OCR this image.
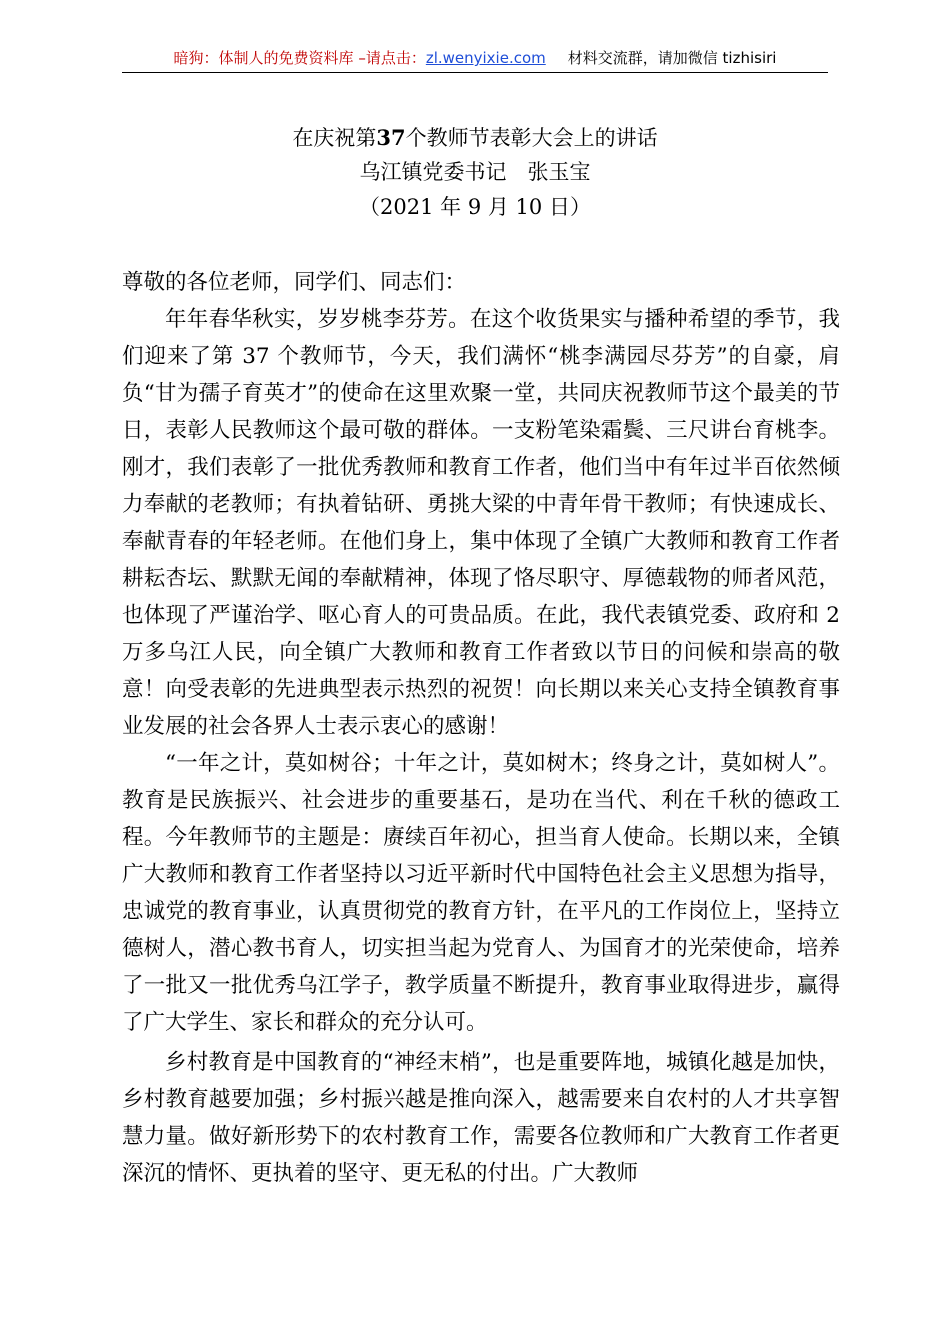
暗狗：体制人的免费资料库 –请点击：zl.wenyixie.com 材料交流群，请加微信 tizhisiri
在庆祝第37个教师节表彰大会上的讲话
乌江镇党委书记　张玉宝
（2021 年 9 月 10 日）

尊敬的各位老师，同学们、同志们：

年年春华秋实，岁岁桃李芬芳。在这个收货果实与播种希望的季节，我们迎来了第 37 个教师节，今天，我们满怀“桃李满园尽芬芳”的自豪，肩负“甘为孺子育英才”的使命在这里欢聚一堂，共同庆祝教师节这个最美的节日，表彰人民教师这个最可敬的群体。一支粉笔染霜鬓、三尺讲台育桃李。刚才，我们表彰了一批优秀教师和教育工作者，他们当中有年过半百依然倾力奉献的老教师；有执着钻研、勇挑大梁的中青年骨干教师；有快速成长、奉献青春的年轻老师。在他们身上，集中体现了全镇广大教师和教育工作者耕耘杏坛、默默无闻的奉献精神，体现了恪尽职守、厚德载物的师者风范，也体现了严谨治学、呕心育人的可贵品质。在此，我代表镇党委、政府和 2 万多乌江人民，向全镇广大教师和教育工作者致以节日的问候和崇高的敬意！向受表彰的先进典型表示热烈的祝贺！向长期以来关心支持全镇教育事业发展的社会各界人士表示衷心的感谢！

“一年之计，莫如树谷；十年之计，莫如树木；终身之计，莫如树人”。教育是民族振兴、社会进步的重要基石，是功在当代、利在千秋的德政工程。今年教师节的主题是：赓续百年初心，担当育人使命。长期以来，全镇广大教师和教育工作者坚持以习近平新时代中国特色社会主义思想为指导，忠诚党的教育事业，认真贯彻党的教育方针，在平凡的工作岗位上，坚持立德树人，潜心教书育人，切实担当起为党育人、为国育才的光荣使命，培养了一批又一批优秀乌江学子，教学质量不断提升，教育事业取得进步，赢得了广大学生、家长和群众的充分认可。

乡村教育是中国教育的“神经末梢”，也是重要阵地，城镇化越是加快，乡村教育越要加强；乡村振兴越是推向深入，越需要来自农村的人才共享智慧力量。做好新形势下的农村教育工作，需要各位教师和广大教育工作者更深沉的情怀、更执着的坚守、更无私的付出。广大教师
